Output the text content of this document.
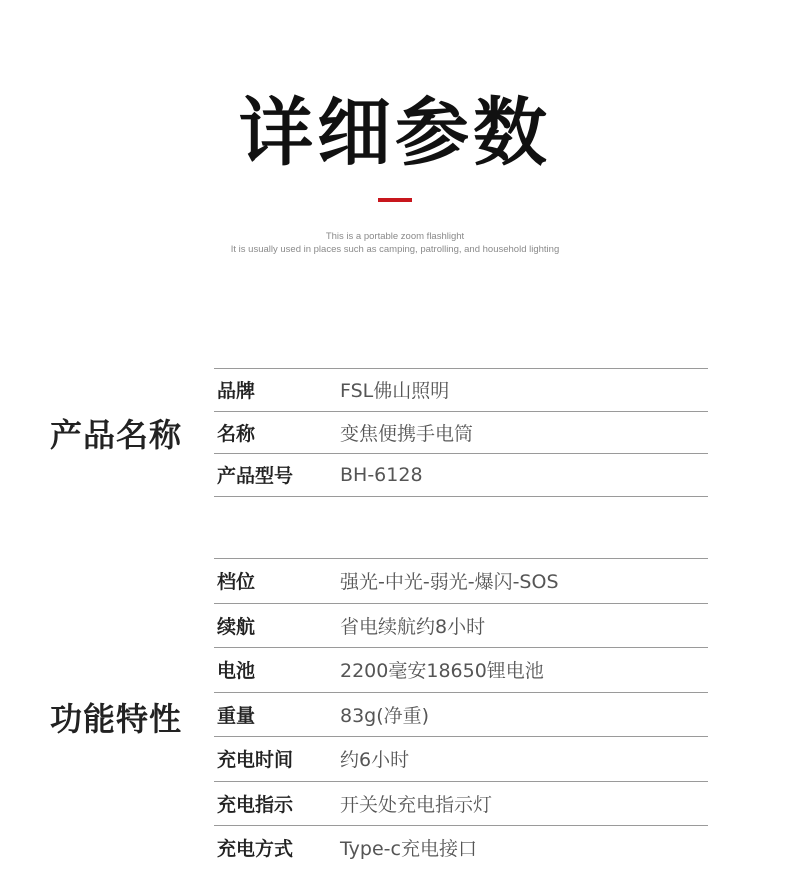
详细参数
This is a portable zoom flashlight
It is usually used in places such as camping, patrolling, and household lighting
产品名称
品牌	FSL佛山照明
名称	变焦便携手电筒
产品型号	BH-6128
功能特性
档位	强光-中光-弱光-爆闪-SOS
续航	省电续航约8小时
电池	2200毫安18650锂电池
重量	83g(净重)
充电时间	约6小时
充电指示	开关处充电指示灯
充电方式	Type-c充电接口
